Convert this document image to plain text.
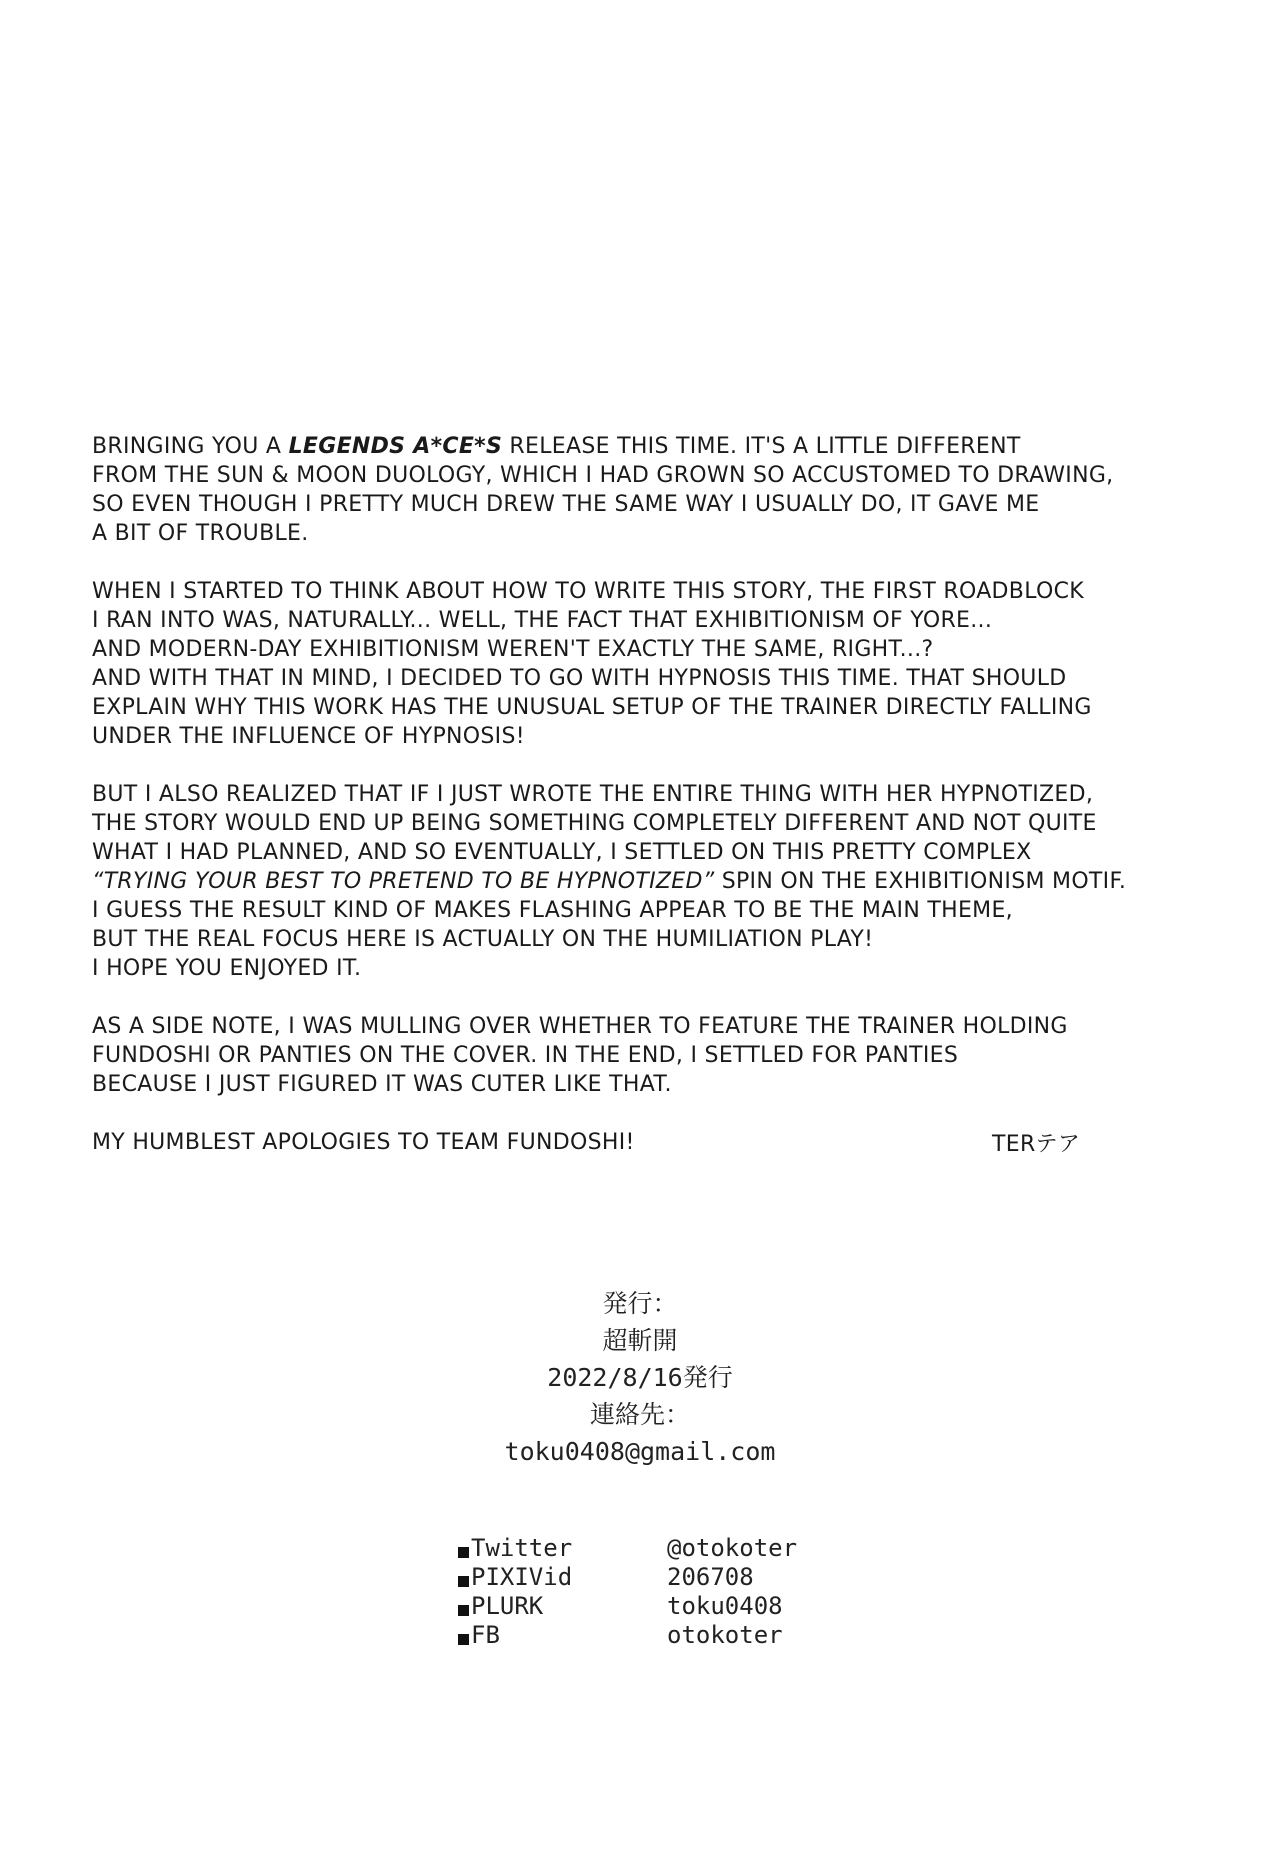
BRINGING YOU A LEGENDS A*CE*S RELEASE THIS TIME. IT'S A LITTLE DIFFERENT
FROM THE SUN & MOON DUOLOGY, WHICH I HAD GROWN SO ACCUSTOMED TO DRAWING,
SO EVEN THOUGH I PRETTY MUCH DREW THE SAME WAY I USUALLY DO, IT GAVE ME
A BIT OF TROUBLE.
WHEN I STARTED TO THINK ABOUT HOW TO WRITE THIS STORY, THE FIRST ROADBLOCK
I RAN INTO WAS, NATURALLY... WELL, THE FACT THAT EXHIBITIONISM OF YORE...
AND MODERN-DAY EXHIBITIONISM WEREN'T EXACTLY THE SAME, RIGHT...?
AND WITH THAT IN MIND, I DECIDED TO GO WITH HYPNOSIS THIS TIME. THAT SHOULD
EXPLAIN WHY THIS WORK HAS THE UNUSUAL SETUP OF THE TRAINER DIRECTLY FALLING
UNDER THE INFLUENCE OF HYPNOSIS!
BUT I ALSO REALIZED THAT IF I JUST WROTE THE ENTIRE THING WITH HER HYPNOTIZED,
THE STORY WOULD END UP BEING SOMETHING COMPLETELY DIFFERENT AND NOT QUITE
WHAT I HAD PLANNED, AND SO EVENTUALLY, I SETTLED ON THIS PRETTY COMPLEX
“TRYING YOUR BEST TO PRETEND TO BE HYPNOTIZED” SPIN ON THE EXHIBITIONISM MOTIF.
I GUESS THE RESULT KIND OF MAKES FLASHING APPEAR TO BE THE MAIN THEME,
BUT THE REAL FOCUS HERE IS ACTUALLY ON THE HUMILIATION PLAY!
I HOPE YOU ENJOYED IT.
AS A SIDE NOTE, I WAS MULLING OVER WHETHER TO FEATURE THE TRAINER HOLDING
FUNDOSHI OR PANTIES ON THE COVER. IN THE END, I SETTLED FOR PANTIES
BECAUSE I JUST FIGURED IT WAS CUTER LIKE THAT.
MY HUMBLEST APOLOGIES TO TEAM FUNDOSHI!	TERテア
発行：
超斬開
2022/8/16発行
連絡先：
toku0408@gmail.com
Twitter	@otokoter
PIXIVid	206708
PLURK	toku0408
FB	otokoter
